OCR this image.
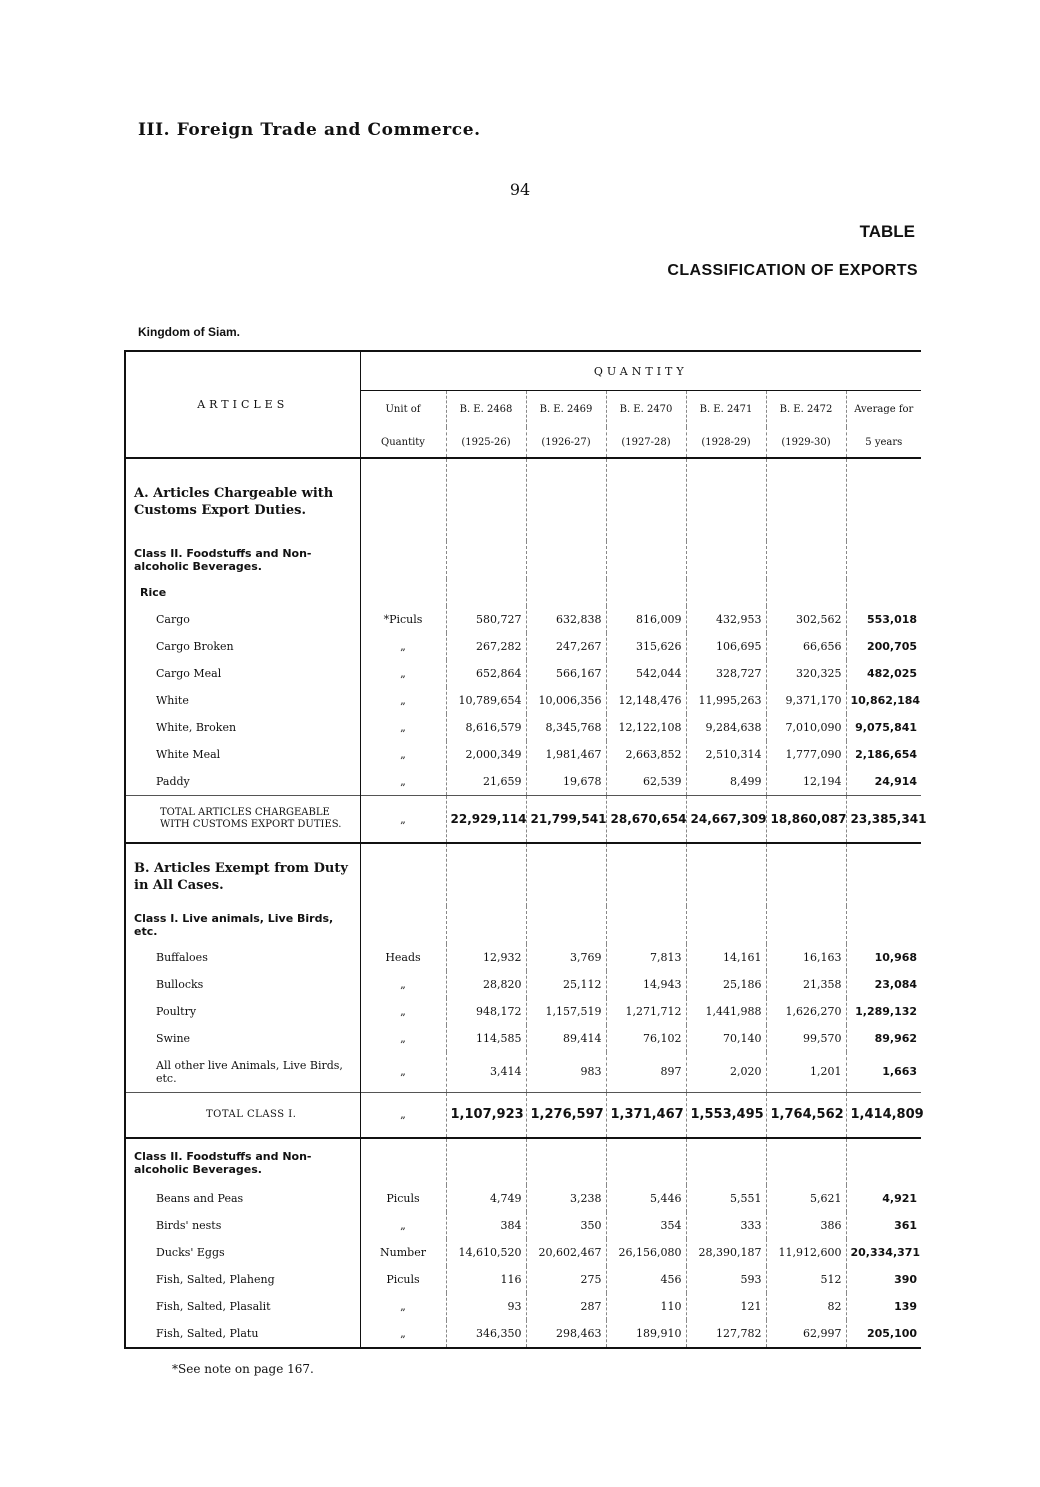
III. Foreign Trade and Commerce.
94
TABLE
CLASSIFICATION OF EXPORTS
Kingdom of Siam.
ARTICLES	QUANTITY						
	Unit of	B. E. 2468	B. E. 2469	B. E. 2470	B. E. 2471	B. E. 2472	Average for
	Quantity	(1925-26)	(1926-27)	(1927-28)	(1928-29)	(1929-30)	5 years
A. Articles Chargeable with Customs Export Duties.							
Class II. Foodstuffs and Non-alcoholic Beverages.							
Rice							
Cargo	*Piculs	580,727	632,838	816,009	432,953	302,562	553,018
Cargo Broken	„	267,282	247,267	315,626	106,695	66,656	200,705
Cargo Meal	„	652,864	566,167	542,044	328,727	320,325	482,025
White	„	10,789,654	10,006,356	12,148,476	11,995,263	9,371,170	10,862,184
White, Broken	„	8,616,579	8,345,768	12,122,108	9,284,638	7,010,090	9,075,841
White Meal	„	2,000,349	1,981,467	2,663,852	2,510,314	1,777,090	2,186,654
Paddy	„	21,659	19,678	62,539	8,499	12,194	24,914
TOTAL ARTICLES CHARGEABLE WITH CUSTOMS EXPORT DUTIES.	„	22,929,114	21,799,541	28,670,654	24,667,309	18,860,087	23,385,341
B. Articles Exempt from Duty in All Cases.							
Class I. Live animals, Live Birds, etc.							
Buffaloes	Heads	12,932	3,769	7,813	14,161	16,163	10,968
Bullocks	„	28,820	25,112	14,943	25,186	21,358	23,084
Poultry	„	948,172	1,157,519	1,271,712	1,441,988	1,626,270	1,289,132
Swine	„	114,585	89,414	76,102	70,140	99,570	89,962
All other live Animals, Live Birds, etc.	„	3,414	983	897	2,020	1,201	1,663
TOTAL CLASS I.	„	1,107,923	1,276,597	1,371,467	1,553,495	1,764,562	1,414,809
Class II. Foodstuffs and Non-alcoholic Beverages.							
Beans and Peas	Piculs	4,749	3,238	5,446	5,551	5,621	4,921
Birds' nests	„	384	350	354	333	386	361
Ducks' Eggs	Number	14,610,520	20,602,467	26,156,080	28,390,187	11,912,600	20,334,371
Fish, Salted, Plaheng	Piculs	116	275	456	593	512	390
Fish, Salted, Plasalit	„	93	287	110	121	82	139
Fish, Salted, Platu	„	346,350	298,463	189,910	127,782	62,997	205,100
*See note on page 167.
